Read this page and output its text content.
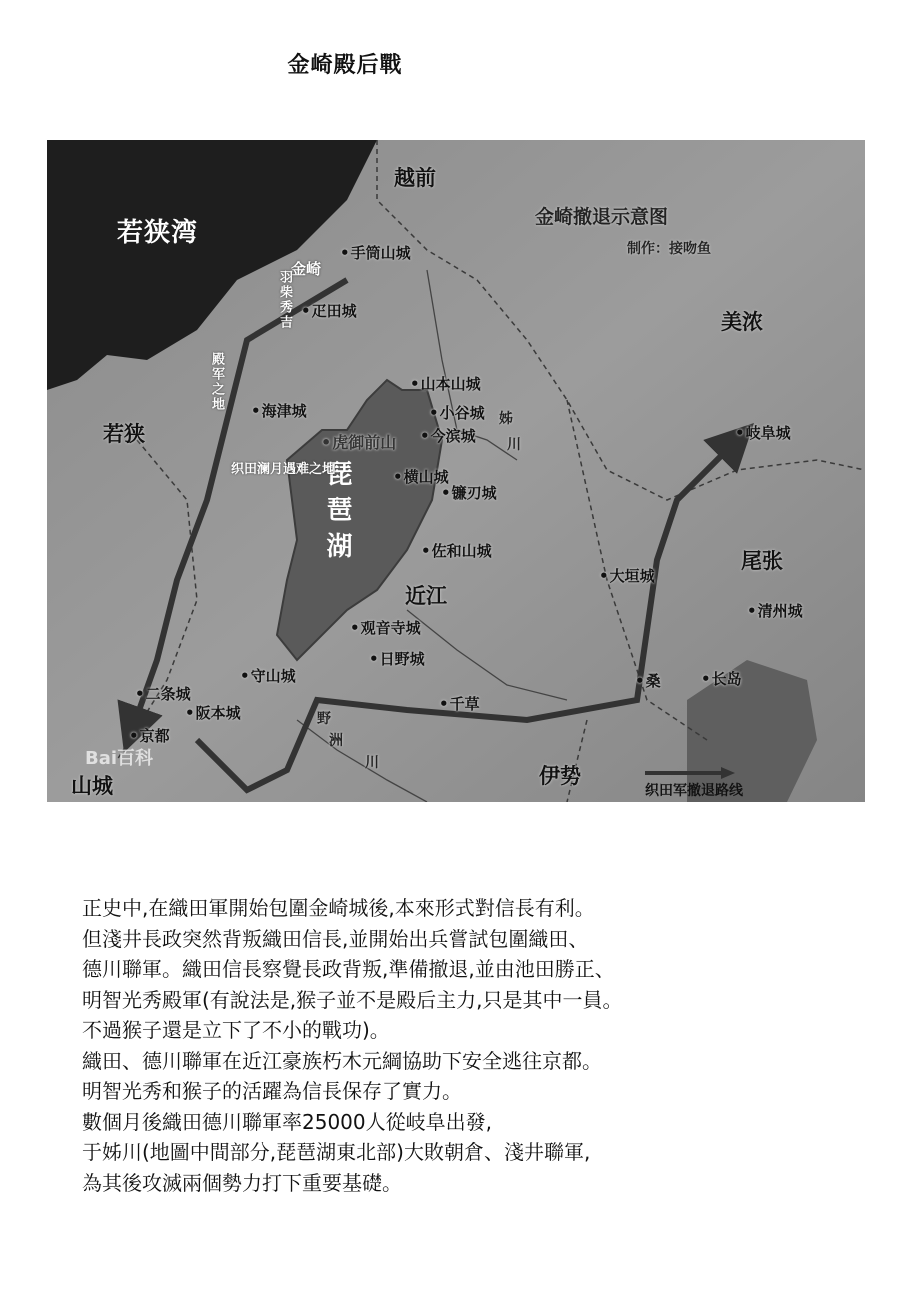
金崎殿后戰
若狭湾
金崎撤退示意图
制作：接吻鱼
越前
若狭
美浓
尾张
近江
伊势
山城
琵琶湖
• 手筒山城
金崎
• 疋田城
• 山本山城
• 小谷城
• 海津城
• 虎御前山	• 今滨城
• 横山城
• 镰刃城
• 佐和山城
• 岐阜城
• 大垣城
• 清州城
• 观音寺城
• 日野城
• 守山城
• 二条城
• 阪本城
• 京都
• 桑	• 长岛
• 千草
姊
川
野
洲
川
织田澜月遇难之地
羽柴秀吉
殿军之地
Bai百科
织田军撤退路线
正史中,在織田軍開始包圍金崎城後,本來形式對信長有利。
但淺井長政突然背叛織田信長,並開始出兵嘗試包圍織田、
德川聯軍。織田信長察覺長政背叛,準備撤退,並由池田勝正、
明智光秀殿軍(有說法是,猴子並不是殿后主力,只是其中一員。
不過猴子還是立下了不小的戰功)。
織田、德川聯軍在近江豪族朽木元綱協助下安全逃往京都。
明智光秀和猴子的活躍為信長保存了實力。
數個月後織田德川聯軍率25000人從岐阜出發,
于姊川(地圖中間部分,琵琶湖東北部)大敗朝倉、淺井聯軍,
為其後攻滅兩個勢力打下重要基礎。
